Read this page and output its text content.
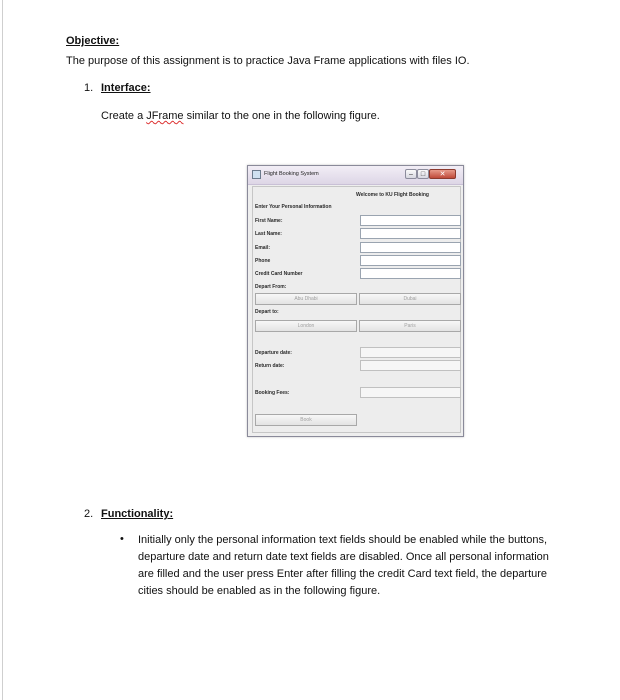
Objective:
The purpose of this assignment is to practice Java Frame applications with files IO.
1. Interface:
Create a JFrame similar to the one in the following figure.
Flight Booking System	–	□	✕
Welcome to KU Flight Booking
Enter Your Personal Information
First Name:
Last Name:
Email:
Phone
Credit Card Number
Depart From:
Abu Dhabi	Dubai
Depart to:
London	Paris
Departure date:
Return date:
Booking Fees:
Book
2. Functionality:
• Initially only the personal information text fields should be enabled while the buttons,
departure date and return date text fields are disabled. Once all personal information
are filled and the user press Enter after filling the credit Card text field, the departure
cities should be enabled as in the following figure.
